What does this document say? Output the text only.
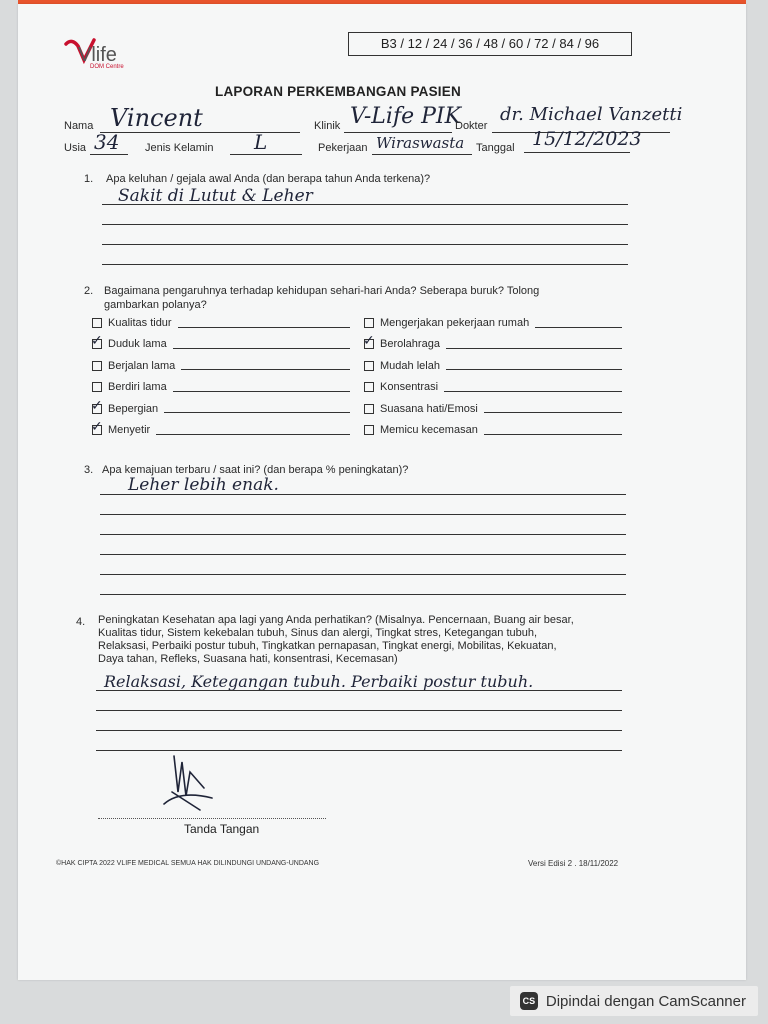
Vlife
DOM Centre
B3 / 12 / 24 / 36 / 48 / 60 / 72 / 84 / 96
LAPORAN PERKEMBANGAN PASIEN
Nama Vincent	Klinik V-Life PIK
Dokter
dr. Michael Vanzetti
Usia 34 Jenis Kelamin L	Pekerjaan Wiraswasta Tanggal 15/12/2023
1. Apa keluhan / gejala awal Anda (dan berapa tahun Anda terkena)?
Sakit di Lutut & Leher
2. Bagaimana pengaruhnya terhadap kehidupan sehari-hari Anda? Seberapa buruk? Tolong
gambarkan polanya?
Kualitas tidur
✓ Duduk lama
Berjalan lama
Berdiri lama
✓ Bepergian
✓ Menyetir
Mengerjakan pekerjaan rumah
✓ Berolahraga
Mudah lelah
Konsentrasi
Suasana hati/Emosi
Memicu kecemasan
3. Apa kemajuan terbaru / saat ini? (dan berapa % peningkatan)?
Leher lebih enak.
4. Peningkatan Kesehatan apa lagi yang Anda perhatikan? (Misalnya. Pencernaan, Buang air besar,
Kualitas tidur, Sistem kekebalan tubuh, Sinus dan alergi, Tingkat stres, Ketegangan tubuh,
Relaksasi, Perbaiki postur tubuh, Tingkatkan pernapasan, Tingkat energi, Mobilitas, Kekuatan,
Daya tahan, Refleks, Suasana hati, konsentrasi, Kecemasan)
Relaksasi, Ketegangan tubuh. Perbaiki postur tubuh.
Tanda Tangan
©HAK CIPTA 2022 VLIFE MEDICAL SEMUA HAK DILINDUNGI UNDANG-UNDANG	Versi Edisi 2 . 18/11/2022
CS Dipindai dengan CamScanner
